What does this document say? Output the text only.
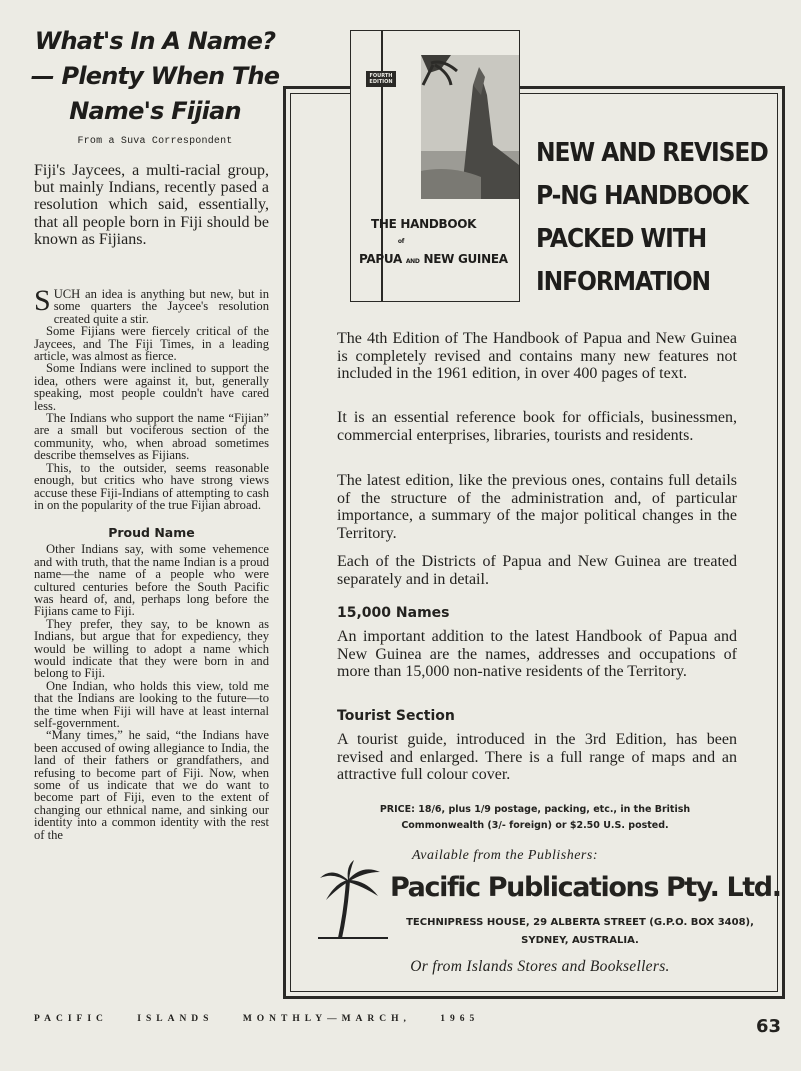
What's In A Name?
— Plenty When The
Name's Fijian
From a Suva Correspondent
Fiji's Jaycees, a multi-racial group, but mainly Indians, recently pased a resolution which said, essentially, that all people born in Fiji should be known as Fijians.

SUCH an idea is anything but new, but in some quarters the Jaycee's resolution created quite a stir.

Some Fijians were fiercely critical of the Jaycees, and The Fiji Times, in a leading article, was almost as fierce.

Some Indians were inclined to support the idea, others were against it, but, generally speaking, most people couldn't have cared less.

The Indians who support the name “Fijian” are a small but vociferous section of the community, who, when abroad sometimes describe themselves as Fijians.

This, to the outsider, seems reasonable enough, but critics who have strong views accuse these Fiji-Indians of attempting to cash in on the popularity of the true Fijian abroad.

Proud Name

Other Indians say, with some vehemence and with truth, that the name Indian is a proud name—the name of a people who were cultured centuries before the South Pacific was heard of, and, perhaps long before the Fijians came to Fiji.

They prefer, they say, to be known as Indians, but argue that for expediency, they would be willing to adopt a name which would indicate that they were born in and belong to Fiji.

One Indian, who holds this view, told me that the Indians are looking to the future—to the time when Fiji will have at least internal self-government.

“Many times,” he said, “the Indians have been accused of owing allegiance to India, the land of their fathers or grandfathers, and refusing to become part of Fiji. Now, when some of us indicate that we do want to become part of Fiji, even to the extent of changing our ethnical name, and sinking our identity into a common identity with the rest of the

FOURTH EDITION
THE HANDBOOK
of
PAPUA AND NEW GUINEA
NEW AND REVISED
P-NG HANDBOOK
PACKED WITH
INFORMATION
The 4th Edition of The Handbook of Papua and New Guinea is completely revised and contains many new features not included in the 1961 edition, in over 400 pages of text.
It is an essential reference book for officials, businessmen, commercial enterprises, libraries, tourists and residents.
The latest edition, like the previous ones, contains full details of the structure of the administration and, of particular importance, a summary of the major political changes in the Territory.
Each of the Districts of Papua and New Guinea are treated separately and in detail.
15,000 Names
An important addition to the latest Handbook of Papua and New Guinea are the names, addresses and occupations of more than 15,000 non-native residents of the Territory.
Tourist Section
A tourist guide, introduced in the 3rd Edition, has been revised and enlarged. There is a full range of maps and an attractive full colour cover.
PRICE: 18/6, plus 1/9 postage, packing, etc., in the British
Commonwealth (3/- foreign) or $2.50 U.S. posted.
Available from the Publishers:
Pacific Publications Pty. Ltd.
TECHNIPRESS HOUSE, 29 ALBERTA STREET (G.P.O. BOX 3408),
SYDNEY, AUSTRALIA.
Or from Islands Stores and Booksellers.
PACIFIC	ISLANDS	MONTHLY—MARCH,	1965	63
